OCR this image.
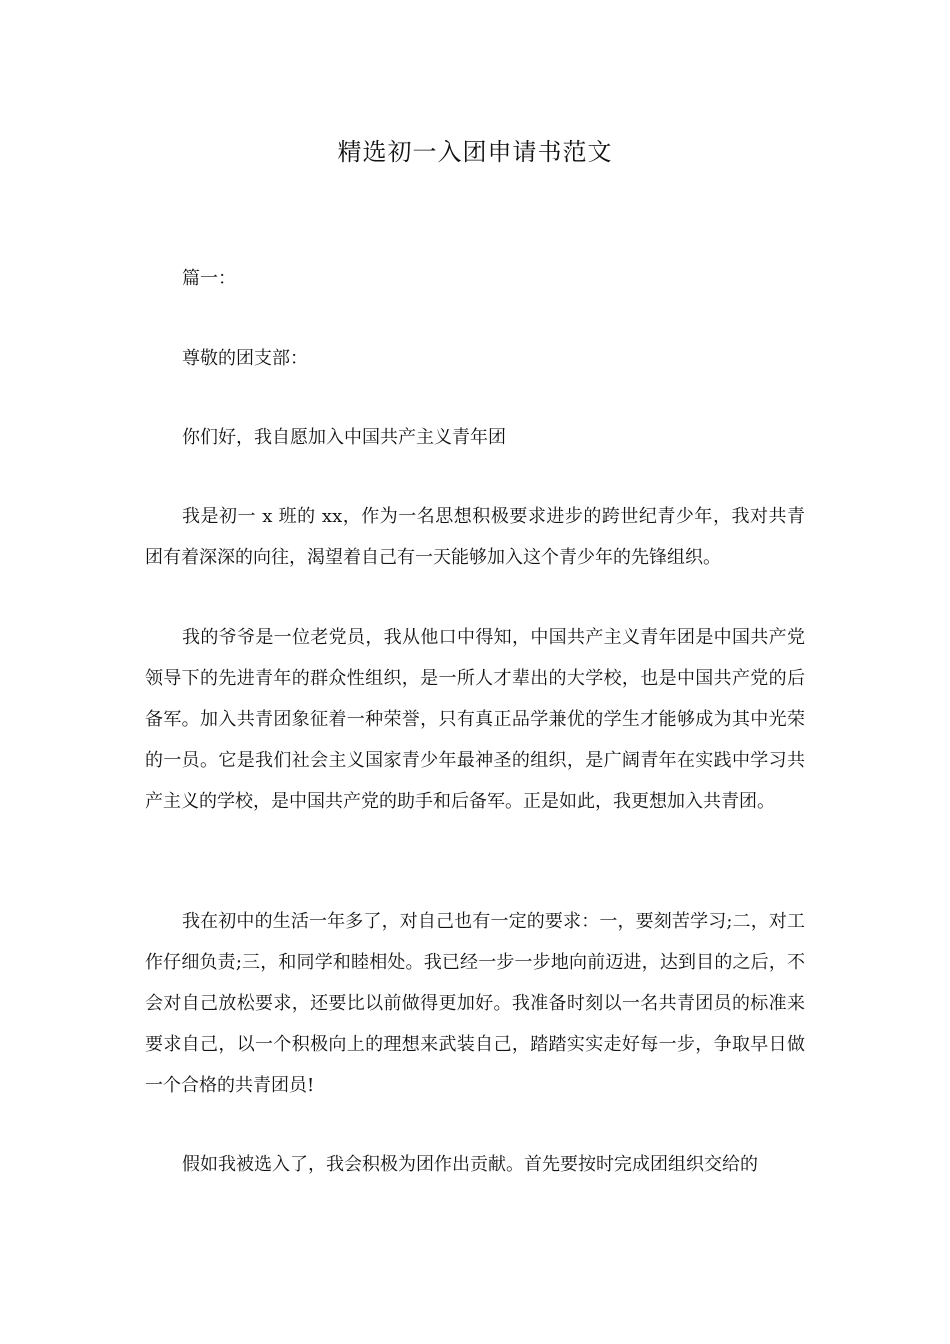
精选初一入团申请书范文

篇一：

尊敬的团支部：

你们好，我自愿加入中国共产主义青年团

我是初一 x 班的 xx，作为一名思想积极要求进步的跨世纪青少年，我对共青团有着深深的向往，渴望着自己有一天能够加入这个青少年的先锋组织。

我的爷爷是一位老党员，我从他口中得知，中国共产主义青年团是中国共产党领导下的先进青年的群众性组织，是一所人才辈出的大学校，也是中国共产党的后备军。加入共青团象征着一种荣誉，只有真正品学兼优的学生才能够成为其中光荣的一员。它是我们社会主义国家青少年最神圣的组织，是广阔青年在实践中学习共产主义的学校，是中国共产党的助手和后备军。正是如此，我更想加入共青团。

我在初中的生活一年多了，对自己也有一定的要求：一，要刻苦学习;二，对工作仔细负责;三，和同学和睦相处。我已经一步一步地向前迈进，达到目的之后，不会对自己放松要求，还要比以前做得更加好。我准备时刻以一名共青团员的标准来要求自己，以一个积极向上的理想来武装自己，踏踏实实走好每一步，争取早日做一个合格的共青团员!

假如我被选入了，我会积极为团作出贡献。首先要按时完成团组织交给的
